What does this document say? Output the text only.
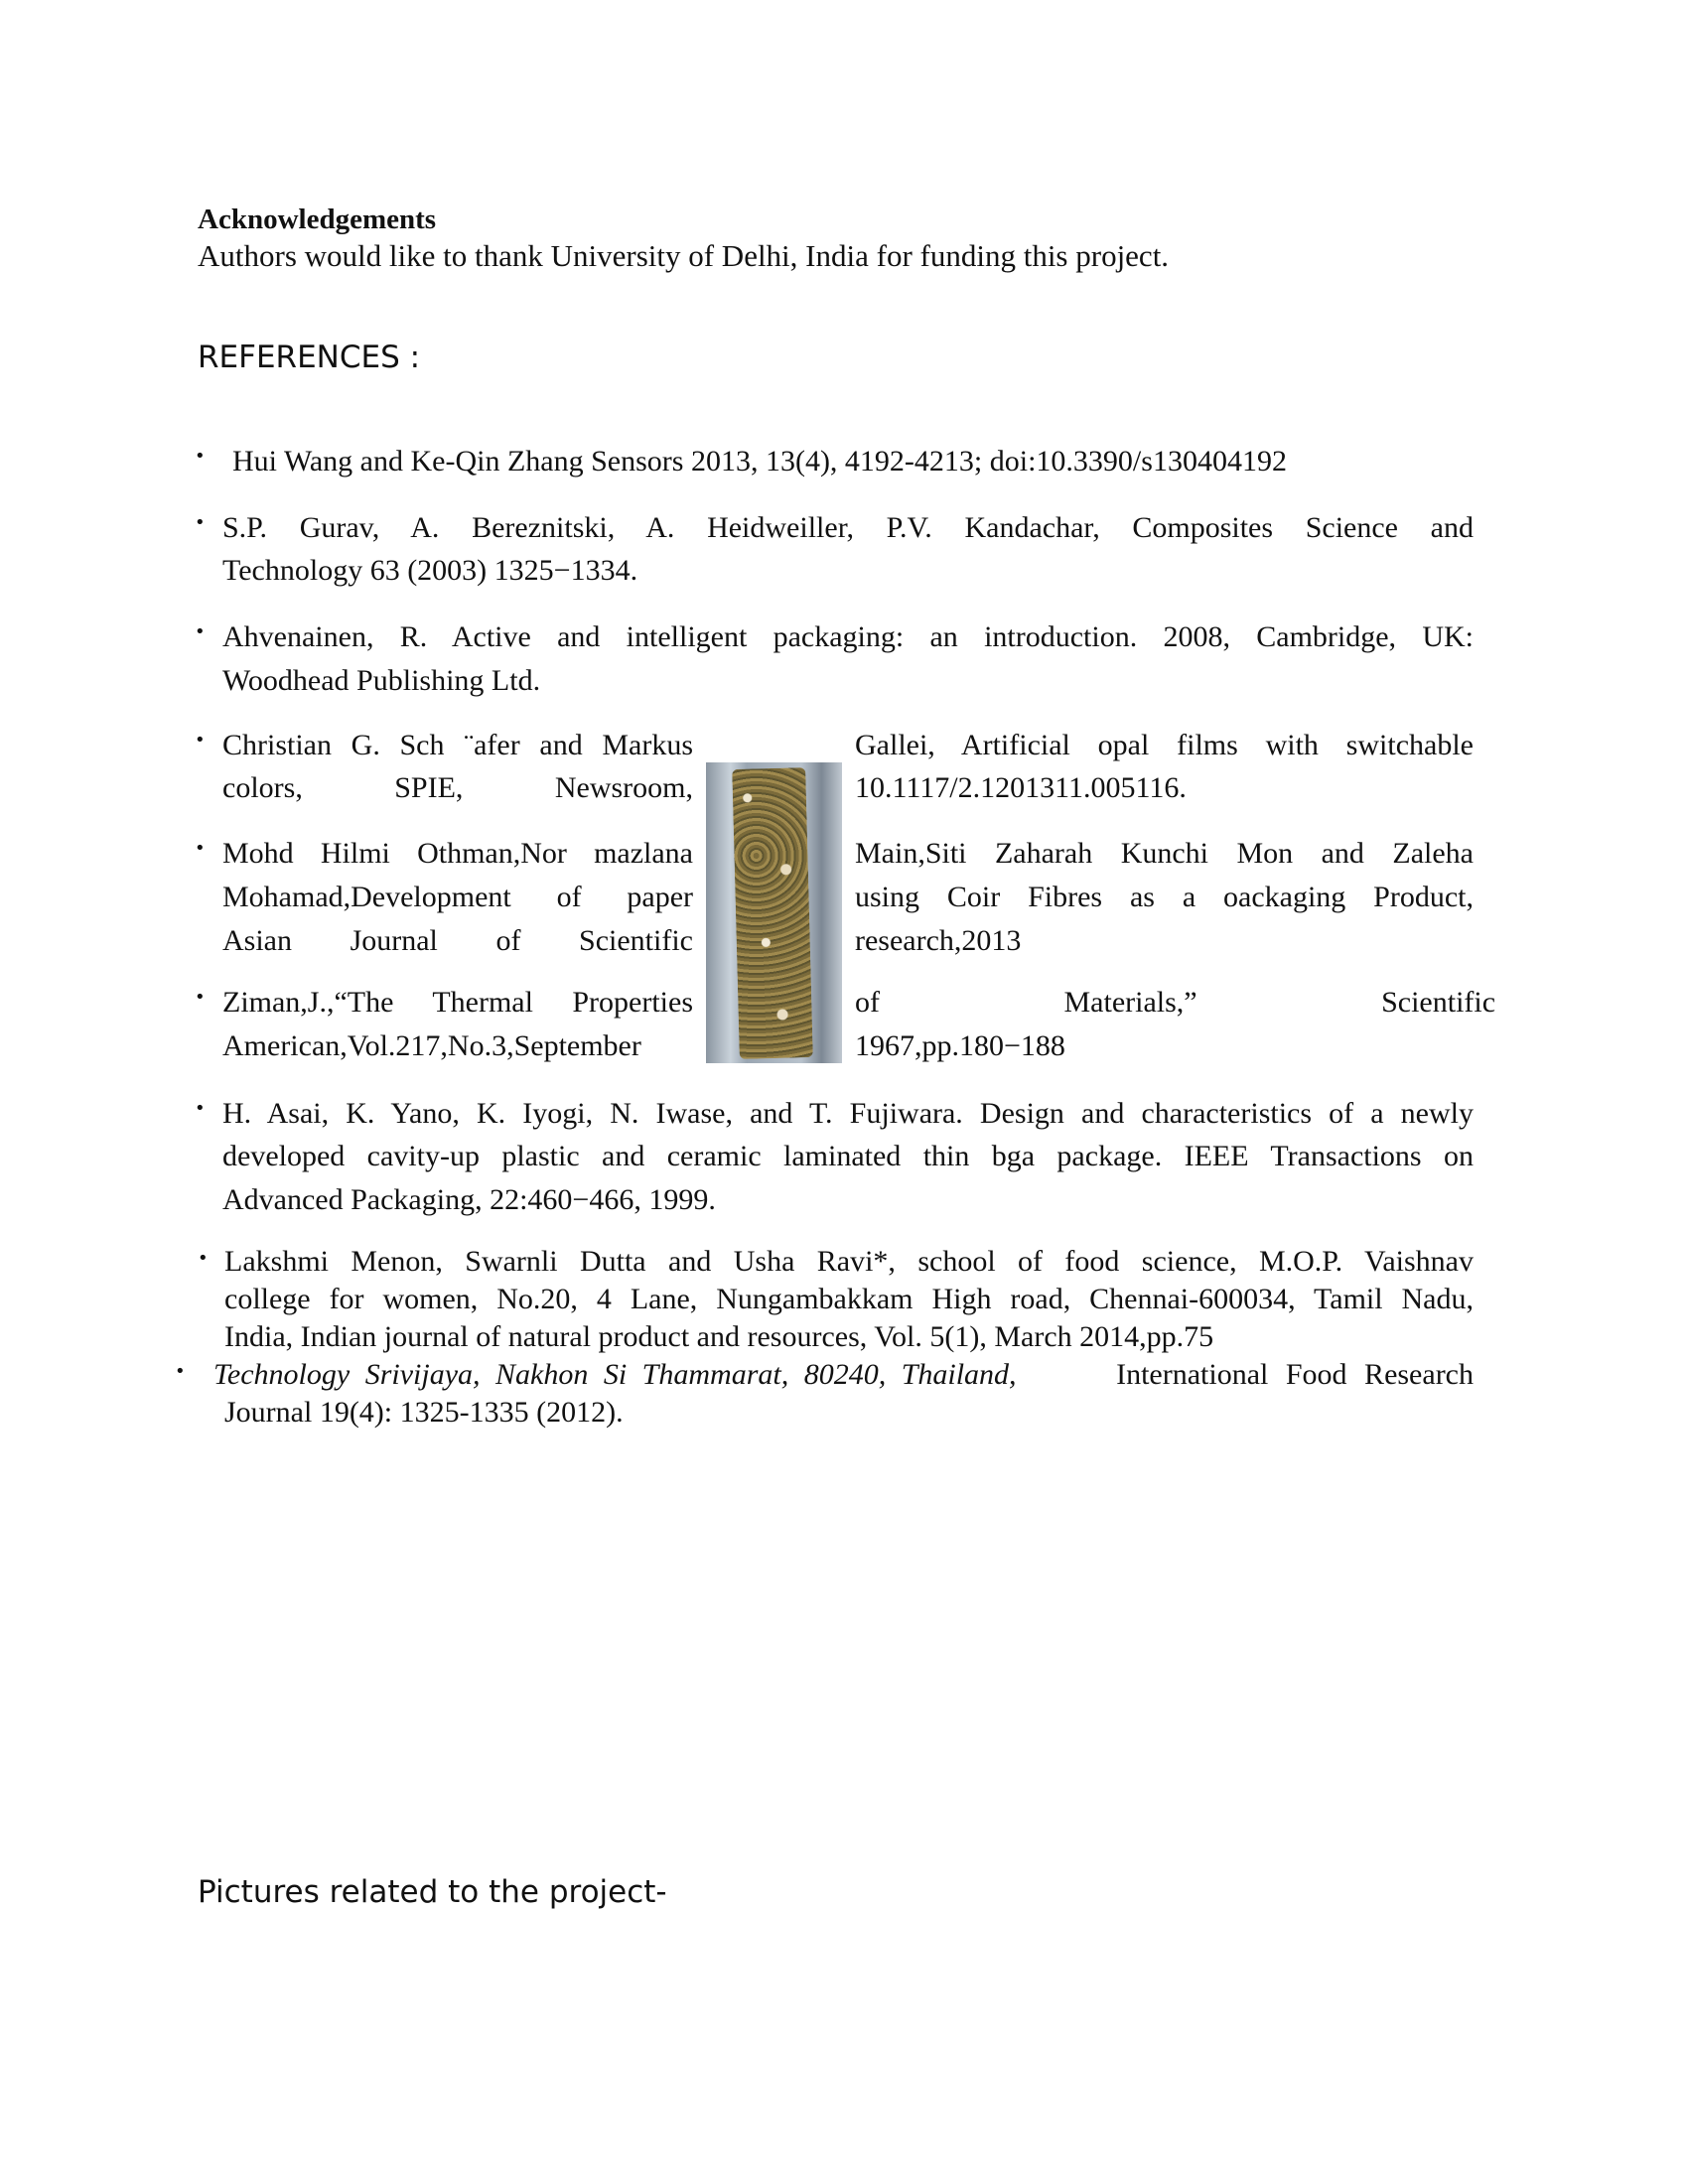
Acknowledgements
Authors would like to thank University of Delhi, India for funding this project.
REFERENCES :
• Hui Wang and Ke-Qin Zhang Sensors 2013, 13(4), 4192-4213; doi:10.3390/s130404192
• S.P. Gurav, A. Bereznitski, A. Heidweiller, P.V. Kandachar, Composites Science and
Technology 63 (2003) 1325−1334.
• Ahvenainen, R. Active and intelligent packaging: an introduction. 2008, Cambridge, UK:
Woodhead Publishing Ltd.
• Christian G. Sch ¨afer and Markus
colors, SPIE, Newsroom,
Gallei, Artificial opal films with switchable
10.1117/2.1201311.005116.
• Mohd Hilmi Othman,Nor mazlana
Mohamad,Development of paper
Asian Journal of Scientific
Main,Siti Zaharah Kunchi Mon and Zaleha
using Coir Fibres as a oackaging Product,
research,2013
• Ziman,J.,“The Thermal Properties
American,Vol.217,No.3,September
of Materials,” Scientific
1967,pp.180−188
• H. Asai, K. Yano, K. Iyogi, N. Iwase, and T. Fujiwara. Design and characteristics of a newly
developed cavity-up plastic and ceramic laminated thin bga package. IEEE Transactions on
Advanced Packaging, 22:460−466, 1999.
• Lakshmi Menon, Swarnli Dutta and Usha Ravi*, school of food science, M.O.P. Vaishnav
college for women, No.20, 4 Lane, Nungambakkam High road, Chennai-600034, Tamil Nadu,
India, Indian journal of natural product and resources, Vol. 5(1), March 2014,pp.75
• Technology Srivijaya, Nakhon Si Thammarat, 80240, Thailand,	International Food Research
Journal 19(4): 1325-1335 (2012).
Pictures related to the project-
